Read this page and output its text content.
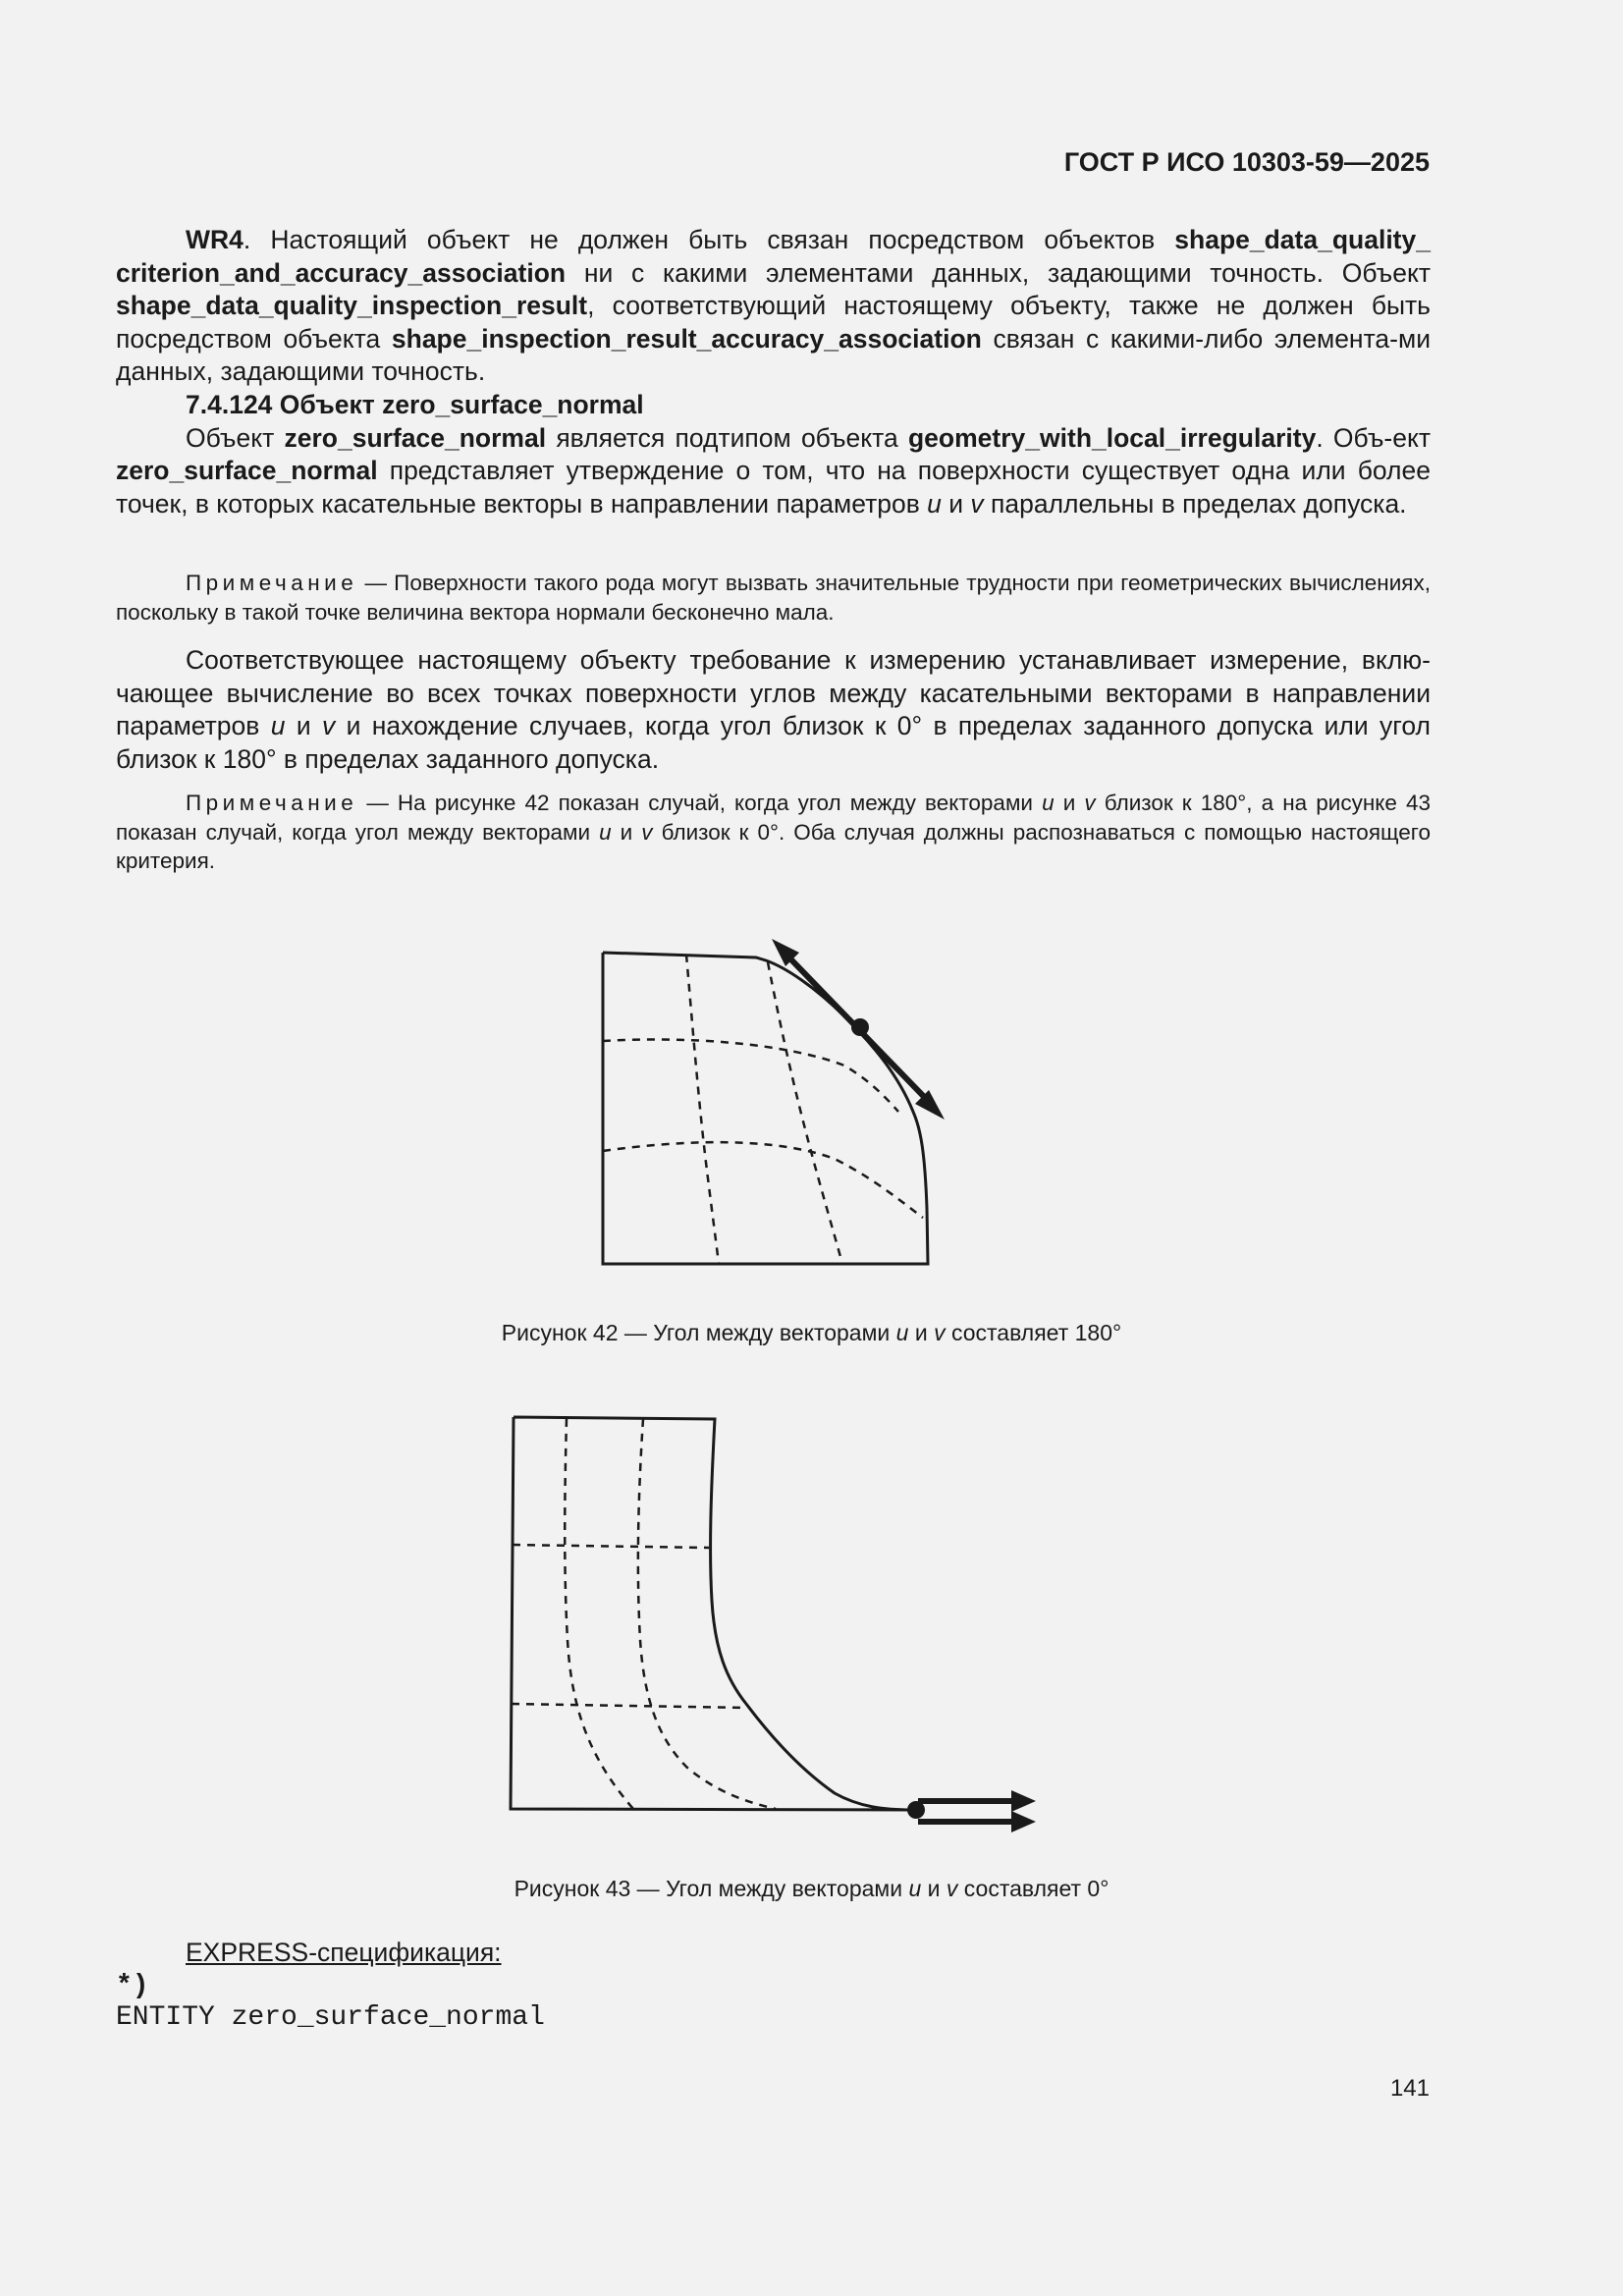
ГОСТ Р ИСО 10303-59—2025

WR4. Настоящий объект не должен быть связан посредством объектов shape_data_quality_ criterion_and_accuracy_association ни с какими элементами данных, задающими точность. Объект shape_data_quality_inspection_result, соответствующий настоящему объекту, также не должен быть посредством объекта shape_inspection_result_accuracy_association связан с какими-либо элемента-ми данных, задающими точность.

7.4.124 Объект zero_surface_normal

Объект zero_surface_normal является подтипом объекта geometry_with_local_irregularity. Объ-ект zero_surface_normal представляет утверждение о том, что на поверхности существует одна или более точек, в которых касательные векторы в направлении параметров u и v параллельны в пределах допуска.

Примечание — Поверхности такого рода могут вызвать значительные трудности при геометрических вычислениях, поскольку в такой точке величина вектора нормали бесконечно мала.

Соответствующее настоящему объекту требование к измерению устанавливает измерение, вклю-чающее вычисление во всех точках поверхности углов между касательными векторами в направлении параметров u и v и нахождение случаев, когда угол близок к 0° в пределах заданного допуска или угол близок к 180° в пределах заданного допуска.

Примечание — На рисунке 42 показан случай, когда угол между векторами u и v близок к 180°, а на рисунке 43 показан случай, когда угол между векторами u и v близок к 0°. Оба случая должны распознаваться с помощью настоящего критерия.

Рисунок 42 — Угол между векторами u и v составляет 180°
Рисунок 43 — Угол между векторами u и v составляет 0°
EXPRESS-спецификация:
*)
ENTITY zero_surface_normal
141
